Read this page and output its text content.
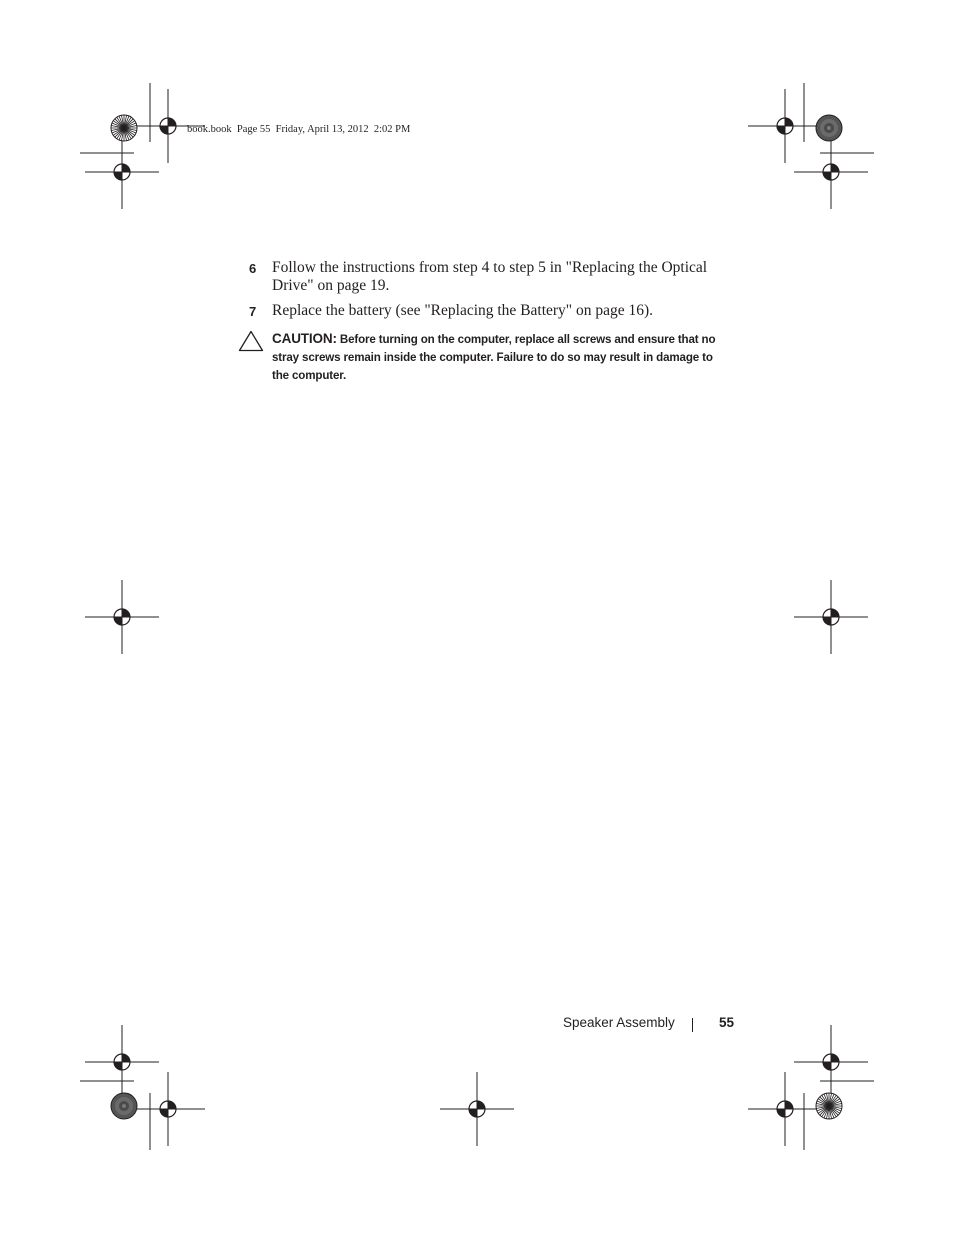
book.book  Page 55  Friday, April 13, 2012  2:02 PM
6 Follow the instructions from step 4 to step 5 in "Replacing the Optical
Drive" on page 19.
7 Replace the battery (see "Replacing the Battery" on page 16).
CAUTION: Before turning on the computer, replace all screws and ensure that no
stray screws remain inside the computer. Failure to do so may result in damage to
the computer.
Speaker Assembly	55
